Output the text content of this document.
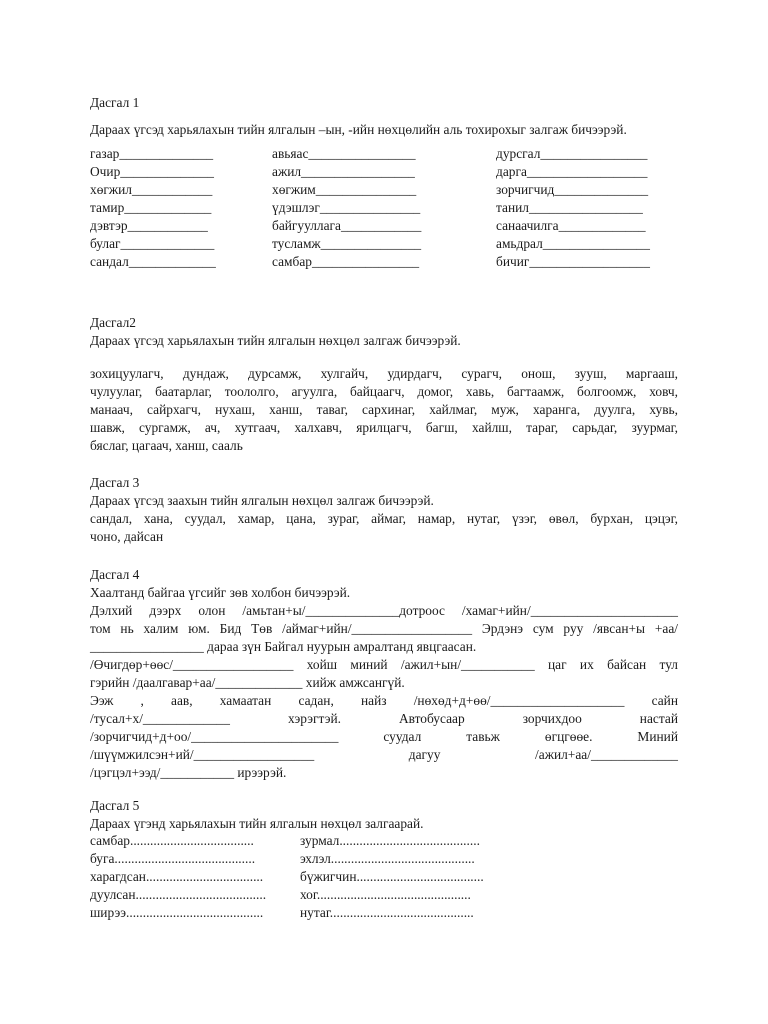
Дасгал 1
Дараах үгсэд харьялахын тийн ялгалын –ын, -ийн нөхцөлийн аль тохирохыг залгаж бичээрэй.
газар______________	авьяас________________	дурсгал________________
Очир______________	ажил_________________	дарга__________________
хөгжил____________	хөгжим_______________	зорчигчид______________
тамир_____________	үдэшлэг_______________	танил_________________
дэвтэр____________	байгууллага____________	санаачилга_____________
булаг______________	тусламж_______________	амьдрал________________
сандал_____________	самбар________________	бичиг__________________
Дасгал2
Дараах үгсэд харьялахын тийн ялгалын нөхцөл залгаж бичээрэй.
зохицуулагч, дундаж, дурсамж, хулгайч, удирдагч, сурагч, онош, зууш, маргааш,
чулуулаг, баатарлаг, тоололго, агуулга, байцаагч, домог, хавь, багтаамж, болгоомж, ховч,
манаач, сайрхагч, нухаш, ханш, таваг, сархинаг, хайлмаг, муж, харанга, дуулга, хувь,
шавж, сургамж, ач, хутгаач, халхавч, ярилцагч, багш, хайлш, тараг, сарьдаг, зуурмаг,
бяслаг, цагаач, ханш, сааль
Дасгал 3
Дараах үгсэд заахын тийн ялгалын нөхцөл залгаж бичээрэй.
сандал, хана, суудал, хамар, цана, зураг, аймаг, намар, нутаг, үзэг, өвөл, бурхан, цэцэг,
чоно, дайсан
Дасгал 4
Хаалтанд байгаа үгсийг зөв холбон бичээрэй.
Дэлхий дээрх олон /амьтан+ы/______________дотроос /хамаг+ийн/______________________
том нь халим юм. Бид Төв /аймаг+ийн/__________________ Эрдэнэ сум руу /явсан+ы +аа/
_________________ дараа зүн Байгал нуурын амралтанд явцгаасан.
/Өчигдөр+өөс/__________________ хойш миний /ажил+ын/___________ цаг их байсан тул
гэрийн /даалгавар+аа/_____________ хийж амжсангүй.
Ээж , аав, хамаатан садан, найз /нөхөд+д+өө/____________________ сайн
/тусал+х/_____________ хэрэгтэй. Автобусаар зорчихдоо настай
/зорчигчид+д+оо/______________________ суудал тавьж өгцгөөе. Миний
/шүүмжилсэн+ий/__________________ дагуу /ажил+аа/_____________
/цэгцэл+ээд/___________ ирээрэй.
Дасгал 5
Дараах үгэнд харьялахын тийн ялгалын нөхцөл залгаарай.
самбар.....................................	зурмал..........................................
буга..........................................	эхлэл...........................................
харагдсан...................................	бүжигчин......................................
дуулсан.......................................	хог..............................................
ширээ.........................................	нутаг...........................................
